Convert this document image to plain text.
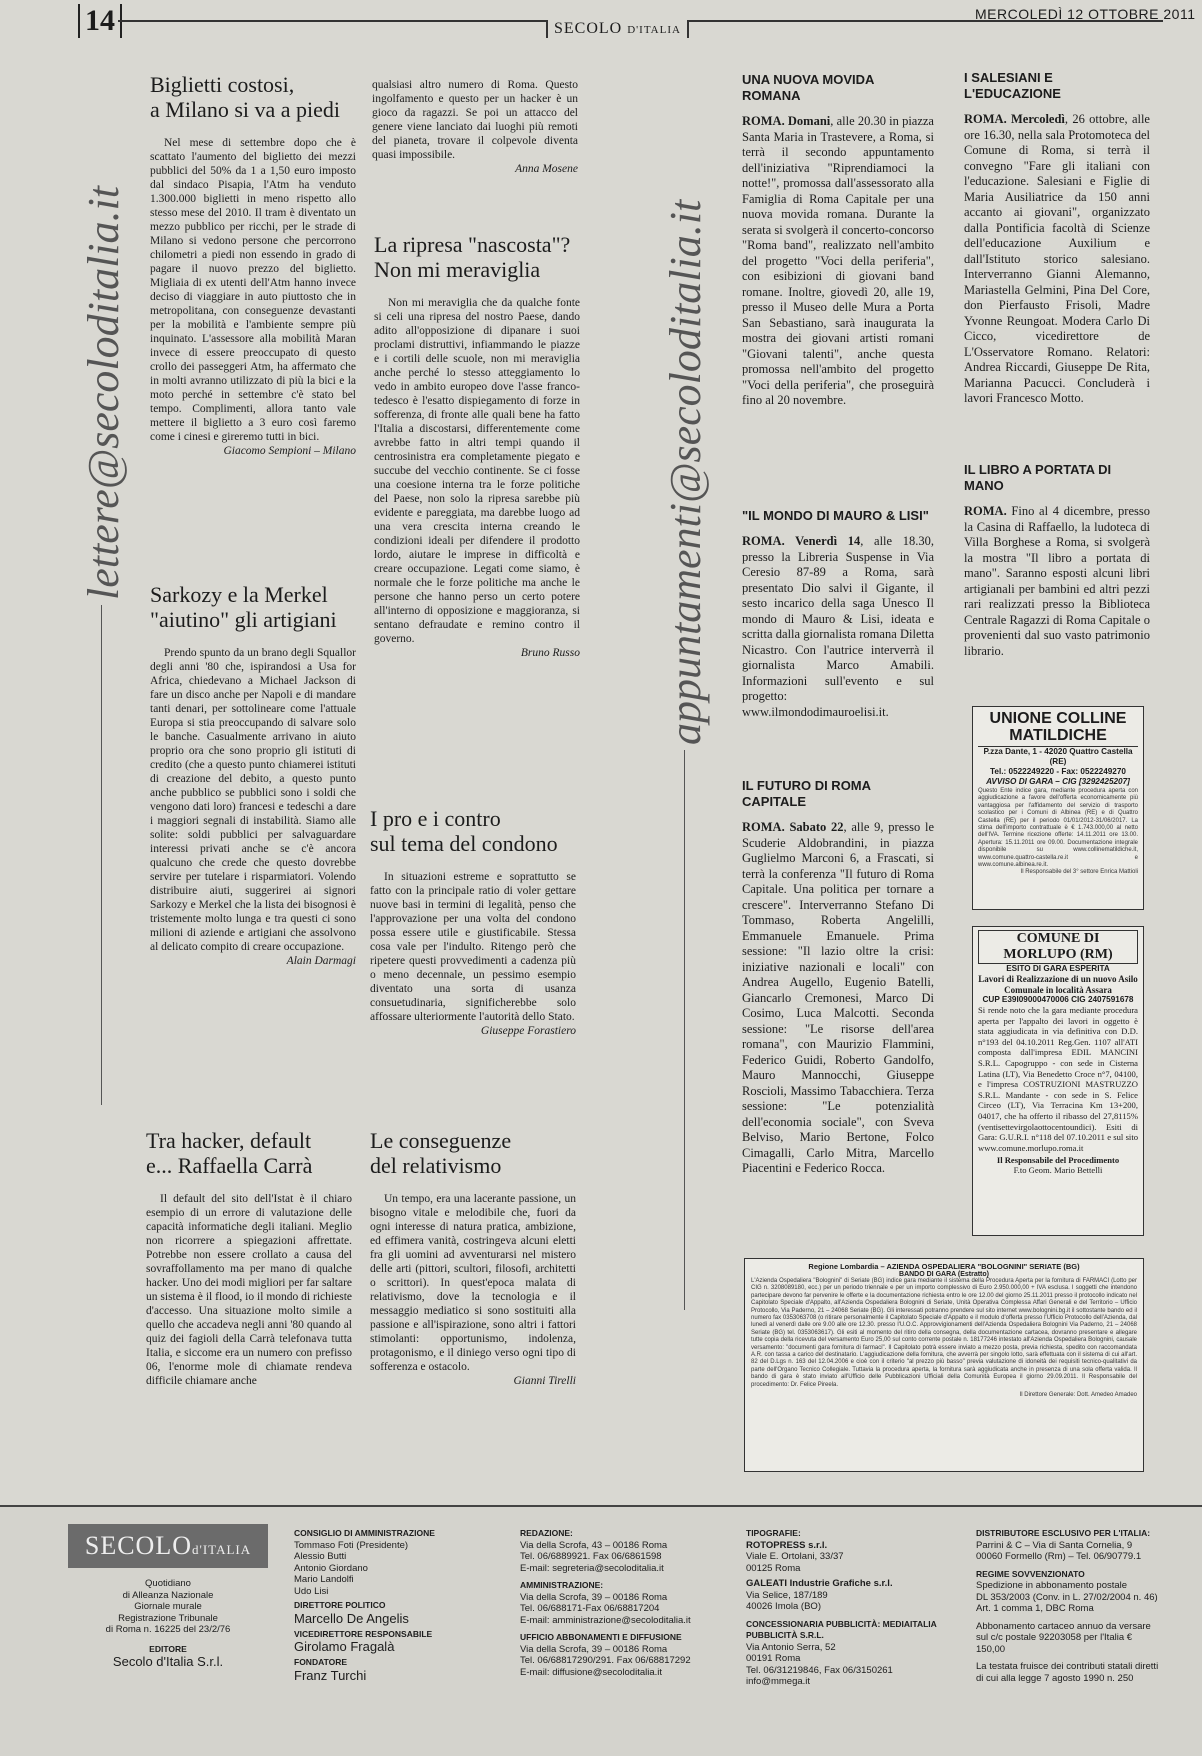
14	SECOLO D'ITALIA
MERCOLEDÌ 12 OTTOBRE 2011
lettere@secoloditalia.it	appuntamenti@secoloditalia.it
Biglietti costosi,
a Milano si va a piedi
Nel mese di settembre dopo che è scattato l'aumento del biglietto dei mezzi pubblici del 50% da 1 a 1,50 euro imposto dal sindaco Pisapia, l'Atm ha venduto 1.300.000 biglietti in meno rispetto allo stesso mese del 2010. Il tram è diventato un mezzo pubblico per ricchi, per le strade di Milano si vedono persone che percorrono chilometri a piedi non essendo in grado di pagare il nuovo prezzo del biglietto. Migliaia di ex utenti dell'Atm hanno invece deciso di viaggiare in auto piuttosto che in metropolitana, con conseguenze devastanti per la mobilità e l'ambiente sempre più inquinato. L'assessore alla mobilità Maran invece di essere preoccupato di questo crollo dei passeggeri Atm, ha affermato che in molti avranno utilizzato di più la bici e la moto perché in settembre c'è stato bel tempo. Complimenti, allora tanto vale mettere il biglietto a 3 euro così faremo come i cinesi e gireremo tutti in bici.
Giacomo Sempioni – Milano
Sarkozy e la Merkel
"aiutino" gli artigiani
Prendo spunto da un brano degli Squallor degli anni '80 che, ispirandosi a Usa for Africa, chiedevano a Michael Jackson di fare un disco anche per Napoli e di mandare tanti denari, per sottolineare come l'attuale Europa si stia preoccupando di salvare solo le banche. Casualmente arrivano in aiuto proprio ora che sono proprio gli istituti di credito (che a questo punto chiamerei istituti di creazione del debito, a questo punto anche pubblico se pubblici sono i soldi che vengono dati loro) francesi e tedeschi a dare i maggiori segnali di instabilità. Siamo alle solite: soldi pubblici per salvaguardare interessi privati anche se c'è ancora qualcuno che crede che questo dovrebbe servire per tutelare i risparmiatori. Volendo distribuire aiuti, suggerirei ai signori Sarkozy e Merkel che la lista dei bisognosi è tristemente molto lunga e tra questi ci sono milioni di aziende e artigiani che assolvono al delicato compito di creare occupazione.
Alain Darmagi
Tra hacker, default
e... Raffaella Carrà
Il default del sito dell'Istat è il chiaro esempio di un errore di valutazione delle capacità informatiche degli italiani. Meglio non ricorrere a spiegazioni affrettate. Potrebbe non essere crollato a causa del sovraffollamento ma per mano di qualche hacker. Uno dei modi migliori per far saltare un sistema è il flood, io il mondo di richieste d'accesso. Una situazione molto simile a quello che accadeva negli anni '80 quando al quiz dei fagioli della Carrà telefonava tutta Italia, e siccome era un numero con prefisso 06, l'enorme mole di chiamate rendeva difficile chiamare anche
qualsiasi altro numero di Roma. Questo ingolfamento e questo per un hacker è un gioco da ragazzi. Se poi un attacco del genere viene lanciato dai luoghi più remoti del pianeta, trovare il colpevole diventa quasi impossibile.
Anna Mosene
La ripresa "nascosta"?
Non mi meraviglia
Non mi meraviglia che da qualche fonte si celi una ripresa del nostro Paese, dando adito all'opposizione di dipanare i suoi proclami distruttivi, infiammando le piazze e i cortili delle scuole, non mi meraviglia anche perché lo stesso atteggiamento lo vedo in ambito europeo dove l'asse franco-tedesco è l'esatto dispiegamento di forze in sofferenza, di fronte alle quali bene ha fatto l'Italia a discostarsi, differentemente come avrebbe fatto in altri tempi quando il centrosinistra era completamente piegato e succube del vecchio continente. Se ci fosse una coesione interna tra le forze politiche del Paese, non solo la ripresa sarebbe più evidente e pareggiata, ma darebbe luogo ad una vera crescita interna creando le condizioni ideali per difendere il prodotto lordo, aiutare le imprese in difficoltà e creare occupazione. Legati come siamo, è normale che le forze politiche ma anche le persone che hanno perso un certo potere all'interno di opposizione e maggioranza, si sentano defraudate e remino contro il governo.
Bruno Russo
I pro e i contro
sul tema del condono
In situazioni estreme e soprattutto se fatto con la principale ratio di voler gettare nuove basi in termini di legalità, penso che l'approvazione per una volta del condono possa essere utile e giustificabile. Stessa cosa vale per l'indulto. Ritengo però che ripetere questi provvedimenti a cadenza più o meno decennale, un pessimo esempio diventato una sorta di usanza consuetudinaria, significherebbe solo affossare ulteriormente l'autorità dello Stato.
Giuseppe Forastiero
Le conseguenze
del relativismo
Un tempo, era una lacerante passione, un bisogno vitale e melodibile che, fuori da ogni interesse di natura pratica, ambizione, ed effimera vanità, costringeva alcuni eletti fra gli uomini ad avventurarsi nel mistero delle arti (pittori, scultori, filosofi, architetti o scrittori). In quest'epoca malata di relativismo, dove la tecnologia e il messaggio mediatico si sono sostituiti alla passione e all'ispirazione, sono altri i fattori stimolanti: opportunismo, indolenza, protagonismo, e il diniego verso ogni tipo di sofferenza e ostacolo.
Gianni Tirelli
UNA NUOVA MOVIDA ROMANA
ROMA. Domani, alle 20.30 in piazza Santa Maria in Trastevere, a Roma, si terrà il secondo appuntamento dell'iniziativa "Riprendiamoci la notte!", promossa dall'assessorato alla Famiglia di Roma Capitale per una nuova movida romana. Durante la serata si svolgerà il concerto-concorso "Roma band", realizzato nell'ambito del progetto "Voci della periferia", con esibizioni di giovani band romane. Inoltre, giovedì 20, alle 19, presso il Museo delle Mura a Porta San Sebastiano, sarà inaugurata la mostra dei giovani artisti romani "Giovani talenti", anche questa promossa nell'ambito del progetto "Voci della periferia", che proseguirà fino al 20 novembre.
"IL MONDO DI MAURO & LISI"
ROMA. Venerdì 14, alle 18.30, presso la Libreria Suspense in Via Ceresio 87-89 a Roma, sarà presentato Dio salvi il Gigante, il sesto incarico della saga Unesco Il mondo di Mauro & Lisi, ideata e scritta dalla giornalista romana Diletta Nicastro. Con l'autrice interverrà il giornalista Marco Amabili. Informazioni sull'evento e sul progetto: www.ilmondodimauroelisi.it.
IL FUTURO DI ROMA CAPITALE
ROMA. Sabato 22, alle 9, presso le Scuderie Aldobrandini, in piazza Guglielmo Marconi 6, a Frascati, si terrà la conferenza "Il futuro di Roma Capitale. Una politica per tornare a crescere". Interverranno Stefano Di Tommaso, Roberta Angelilli, Emmanuele Emanuele. Prima sessione: "Il lazio oltre la crisi: iniziative nazionali e locali" con Andrea Augello, Eugenio Batelli, Giancarlo Cremonesi, Marco Di Cosimo, Luca Malcotti. Seconda sessione: "Le risorse dell'area romana", con Maurizio Flammini, Federico Guidi, Roberto Gandolfo, Mauro Mannocchi, Giuseppe Roscioli, Massimo Tabacchiera. Terza sessione: "Le potenzialità dell'economia sociale", con Sveva Belviso, Mario Bertone, Folco Cimagalli, Carlo Mitra, Marcello Piacentini e Federico Rocca.
I SALESIANI E L'EDUCAZIONE
ROMA. Mercoledì, 26 ottobre, alle ore 16.30, nella sala Protomoteca del Comune di Roma, si terrà il convegno "Fare gli italiani con l'educazione. Salesiani e Figlie di Maria Ausiliatrice da 150 anni accanto ai giovani", organizzato dalla Pontificia facoltà di Scienze dell'educazione Auxilium e dall'Istituto storico salesiano. Interverranno Gianni Alemanno, Mariastella Gelmini, Pina Del Core, don Pierfausto Frisoli, Madre Yvonne Reungoat. Modera Carlo Di Cicco, vicedirettore de L'Osservatore Romano. Relatori: Andrea Riccardi, Giuseppe De Rita, Marianna Pacucci. Concluderà i lavori Francesco Motto.
IL LIBRO A PORTATA DI MANO
ROMA. Fino al 4 dicembre, presso la Casina di Raffaello, la ludoteca di Villa Borghese a Roma, si svolgerà la mostra "Il libro a portata di mano". Saranno esposti alcuni libri artigianali per bambini ed altri pezzi rari realizzati presso la Biblioteca Centrale Ragazzi di Roma Capitale o provenienti dal suo vasto patrimonio librario.
UNIONE COLLINE
MATILDICHE
P.zza Dante, 1 - 42020 Quattro Castella (RE)
Tel.: 0522249220 - Fax: 0522249270
AVVISO DI GARA – CIG [3292425207]
Questo Ente indice gara, mediante procedura aperta con aggiudicazione a favore dell'offerta economicamente più vantaggiosa per l'affidamento del servizio di trasporto scolastico per i Comuni di Albinea (RE) e di Quattro Castella (RE) per il periodo 01/01/2012-31/06/2017. La stima dell'importo contrattuale è € 1.743.000,00 al netto dell'IVA. Termine ricezione offerte: 14.11.2011 ore 13.00. Apertura: 15.11.2011 ore 09.00. Documentazione integrale disponibile su www.collinematildiche.it, www.comune.quattro-castella.re.it e www.comune.albinea.re.it.
Il Responsabile del 3° settore Enrica Mattioli
COMUNE DI MORLUPO (RM)
ESITO DI GARA ESPERITA
Lavori di Realizzazione di un nuovo Asilo Comunale in località Assara
CUP E39I09000470006 CIG 2407591678
Si rende noto che la gara mediante procedura aperta per l'appalto dei lavori in oggetto è stata aggiudicata in via definitiva con D.D. n°193 del 04.10.2011 Reg.Gen. 1107 all'ATI composta dall'impresa EDIL MANCINI S.R.L. Capogruppo - con sede in Cisterna Latina (LT), Via Benedetto Croce n°7, 04100, e l'impresa COSTRUZIONI MASTRUZZO S.R.L. Mandante - con sede in S. Felice Circeo (LT), Via Terracina Km 13+200, 04017, che ha offerto il ribasso del 27,8115% (ventisettevirgolaottocentoundici). Esiti di Gara: G.U.R.I. n°118 del 07.10.2011 e sul sito www.comune.morlupo.roma.it
Il Responsabile del Procedimento
F.to Geom. Mario Bettelli
Regione Lombardia – AZIENDA OSPEDALIERA "BOLOGNINI" SERIATE (BG)
BANDO DI GARA (Estratto)
L'Azienda Ospedaliera "Bolognini" di Seriate (BG) indice gara mediante il sistema della Procedura Aperta per la fornitura di FARMACI (Lotto per CIG n. 3208089180, ecc.) per un periodo triennale e per un importo complessivo di Euro 2.950.000,00 + IVA esclusa. I soggetti che intendono partecipare devono far pervenire le offerte e la documentazione richiesta entro le ore 12.00 del giorno 25.11.2011 presso il protocollo indicato nel Capitolato Speciale d'Appalto, all'Azienda Ospedaliera Bolognini di Seriate, Unità Operativa Complessa Affari Generali e del Territorio – Ufficio Protocollo, Via Paderno, 21 – 24068 Seriate (BG). Gli interessati potranno prendere sul sito internet www.bolognini.bg.it il sottostante bando ed il numero fax 0353063708 (o ritirare personalmente il Capitolato Speciale d'Appalto e il modulo d'offerta presso l'Ufficio Protocollo dell'Azienda, dal lunedì al venerdì dalle ore 9.00 alle ore 12.30. presso l'U.O.C. Approvvigionamenti dell'Azienda Ospedaliera Bolognini Via Paderno, 21 – 24068 Seriate (BG) tel. 0353063617). Gli esiti al momento del ritiro della consegna, della documentazione cartacea, dovranno presentare e allegare tutte copia della ricevuta del versamento Euro 25,00 sul conto corrente postale n. 18177246 intestato all'Azienda Ospedaliera Bolognini, causale versamento: "documenti gara fornitura di farmaci". Il Capitolato potrà essere inviato a mezzo posta, previa richiesta, spedito con raccomandata A.R. con tassa a carico del destinatario. L'aggiudicazione della fornitura, che avverrà per singolo lotto, sarà effettuata con il sistema di cui all'art. 82 del D.Lgs n. 163 del 12.04.2006 e cioè con il criterio "al prezzo più basso" previa valutazione di idoneità dei requisiti tecnico-qualitativi da parte dell'Organo Tecnico Collegiale. Tuttavia la procedura aperta, la fornitura sarà aggiudicata anche in presenza di una sola offerta valida. Il bando di gara è stato inviato all'Ufficio delle Pubblicazioni Ufficiali della Comunità Europea il giorno 29.09.2011. Il Responsabile del procedimento: Dr. Felice Pireela.
Il Direttore Generale: Dott. Amedeo Amadeo
SECOLOd'ITALIA
Quotidiano
di Alleanza Nazionale
Giornale murale
Registrazione Tribunale
di Roma n. 16225 del 23/2/76
EDITORE
Secolo d'Italia S.r.l.
CONSIGLIO DI AMMINISTRAZIONE
Tommaso Foti (Presidente)
Alessio Butti
Antonio Giordano
Mario Landolfi
Udo Lisi
DIRETTORE POLITICO
Marcello De Angelis
VICEDIRETTORE RESPONSABILE
Girolamo Fragalà
FONDATORE
Franz Turchi
REDAZIONE:
Via della Scrofa, 43 – 00186 Roma
Tel. 06/6889921. Fax 06/6861598
E-mail: segreteria@secoloditalia.it
AMMINISTRAZIONE:
Via della Scrofa, 39 – 00186 Roma
Tel. 06/688171-Fax 06/68817204
E-mail: amministrazione@secoloditalia.it
UFFICIO ABBONAMENTI E DIFFUSIONE
Via della Scrofa, 39 – 00186 Roma
Tel. 06/68817290/291. Fax 06/68817292
E-mail: diffusione@secoloditalia.it
TIPOGRAFIE:
ROTOPRESS s.r.l.
Viale E. Ortolani, 33/37
00125 Roma
GALEATI Industrie Grafiche s.r.l.
Via Selice, 187/189
40026 Imola (BO)
CONCESSIONARIA PUBBLICITÀ: MEDIAITALIA PUBBLICITÀ S.R.L.
Via Antonio Serra, 52
00191 Roma
Tel. 06/31219846, Fax 06/3150261
info@mmega.it
DISTRIBUTORE ESCLUSIVO PER L'ITALIA:
Parrini & C – Via di Santa Cornelia, 9
00060 Formello (Rm) – Tel. 06/90779.1
REGIME SOVVENZIONATO
Spedizione in abbonamento postale
DL 353/2003 (Conv. in L. 27/02/2004 n. 46)
Art. 1 comma 1, DBC Roma
Abbonamento cartaceo annuo da versare
sul c/c postale 92203058 per l'Italia € 150,00
La testata fruisce dei contributi statali diretti
di cui alla legge 7 agosto 1990 n. 250
